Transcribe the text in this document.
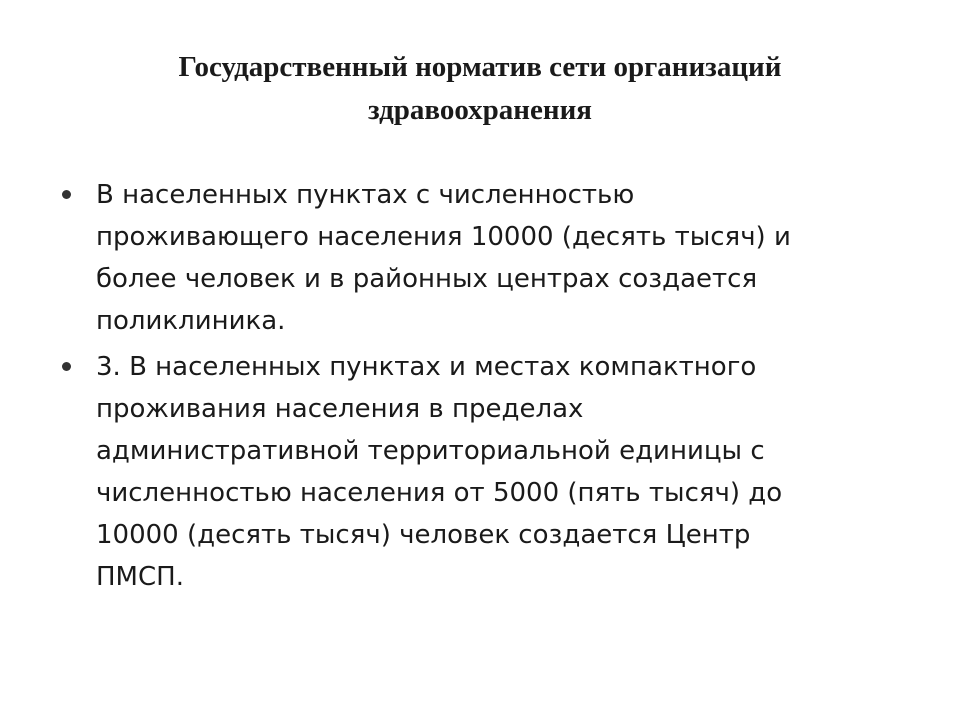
Государственный норматив сети организаций
здравоохранения
В населенных пунктах с численностью
проживающего населения 10000 (десять тысяч) и
более человек и в районных центрах создается
поликлиника.
3. В населенных пунктах и местах компактного
проживания населения в пределах
административной территориальной единицы с
численностью населения от 5000 (пять тысяч) до
10000 (десять тысяч) человек создается Центр
ПМСП.
